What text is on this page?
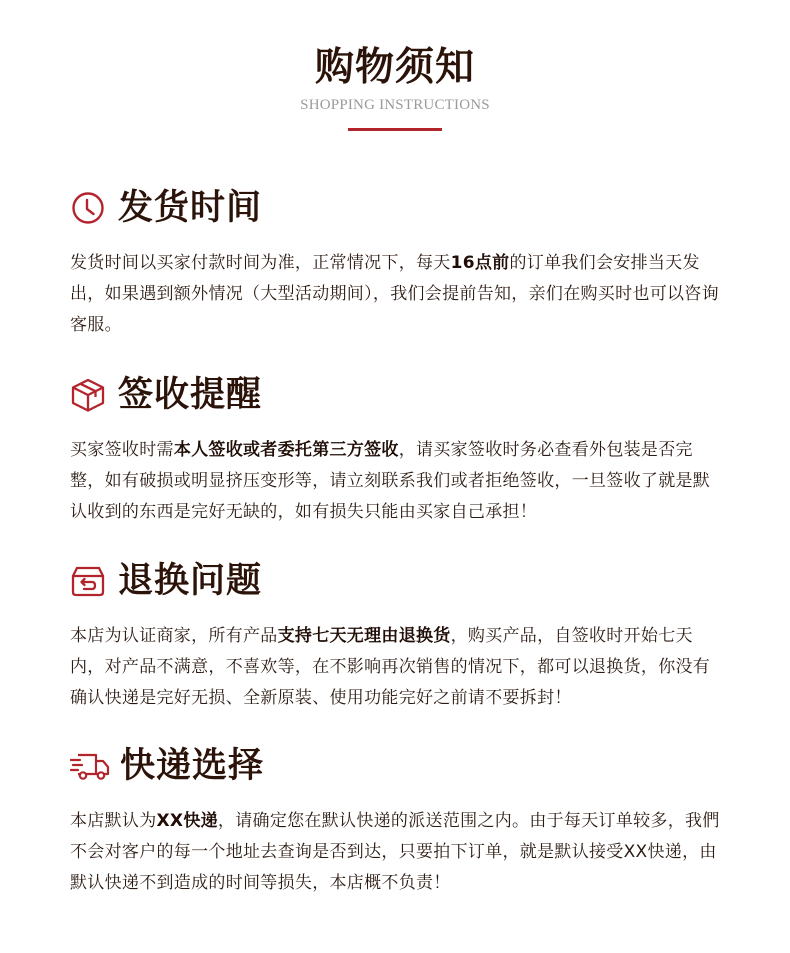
购物须知
SHOPPING INSTRUCTIONS
发货时间
发货时间以买家付款时间为准，正常情况下，每天16点前的订单我们会安排当天发出，如果遇到额外情况（大型活动期间），我们会提前告知，亲们在购买时也可以咨询客服。
签收提醒
买家签收时需本人签收或者委托第三方签收，请买家签收时务必查看外包装是否完整，如有破损或明显挤压变形等，请立刻联系我们或者拒绝签收，一旦签收了就是默认收到的东西是完好无缺的，如有损失只能由买家自己承担！
退换问题
本店为认证商家，所有产品支持七天无理由退换货，购买产品，自签收时开始七天内，对产品不满意，不喜欢等，在不影响再次销售的情况下，都可以退换货，你没有确认快递是完好无损、全新原装、使用功能完好之前请不要拆封！
快递选择
本店默认为XX快递，请确定您在默认快递的派送范围之内。由于每天订单较多，我們不会对客户的每一个地址去查询是否到达，只要拍下订单，就是默认接受XX快递，由默认快递不到造成的时间等损失，本店概不负责！
